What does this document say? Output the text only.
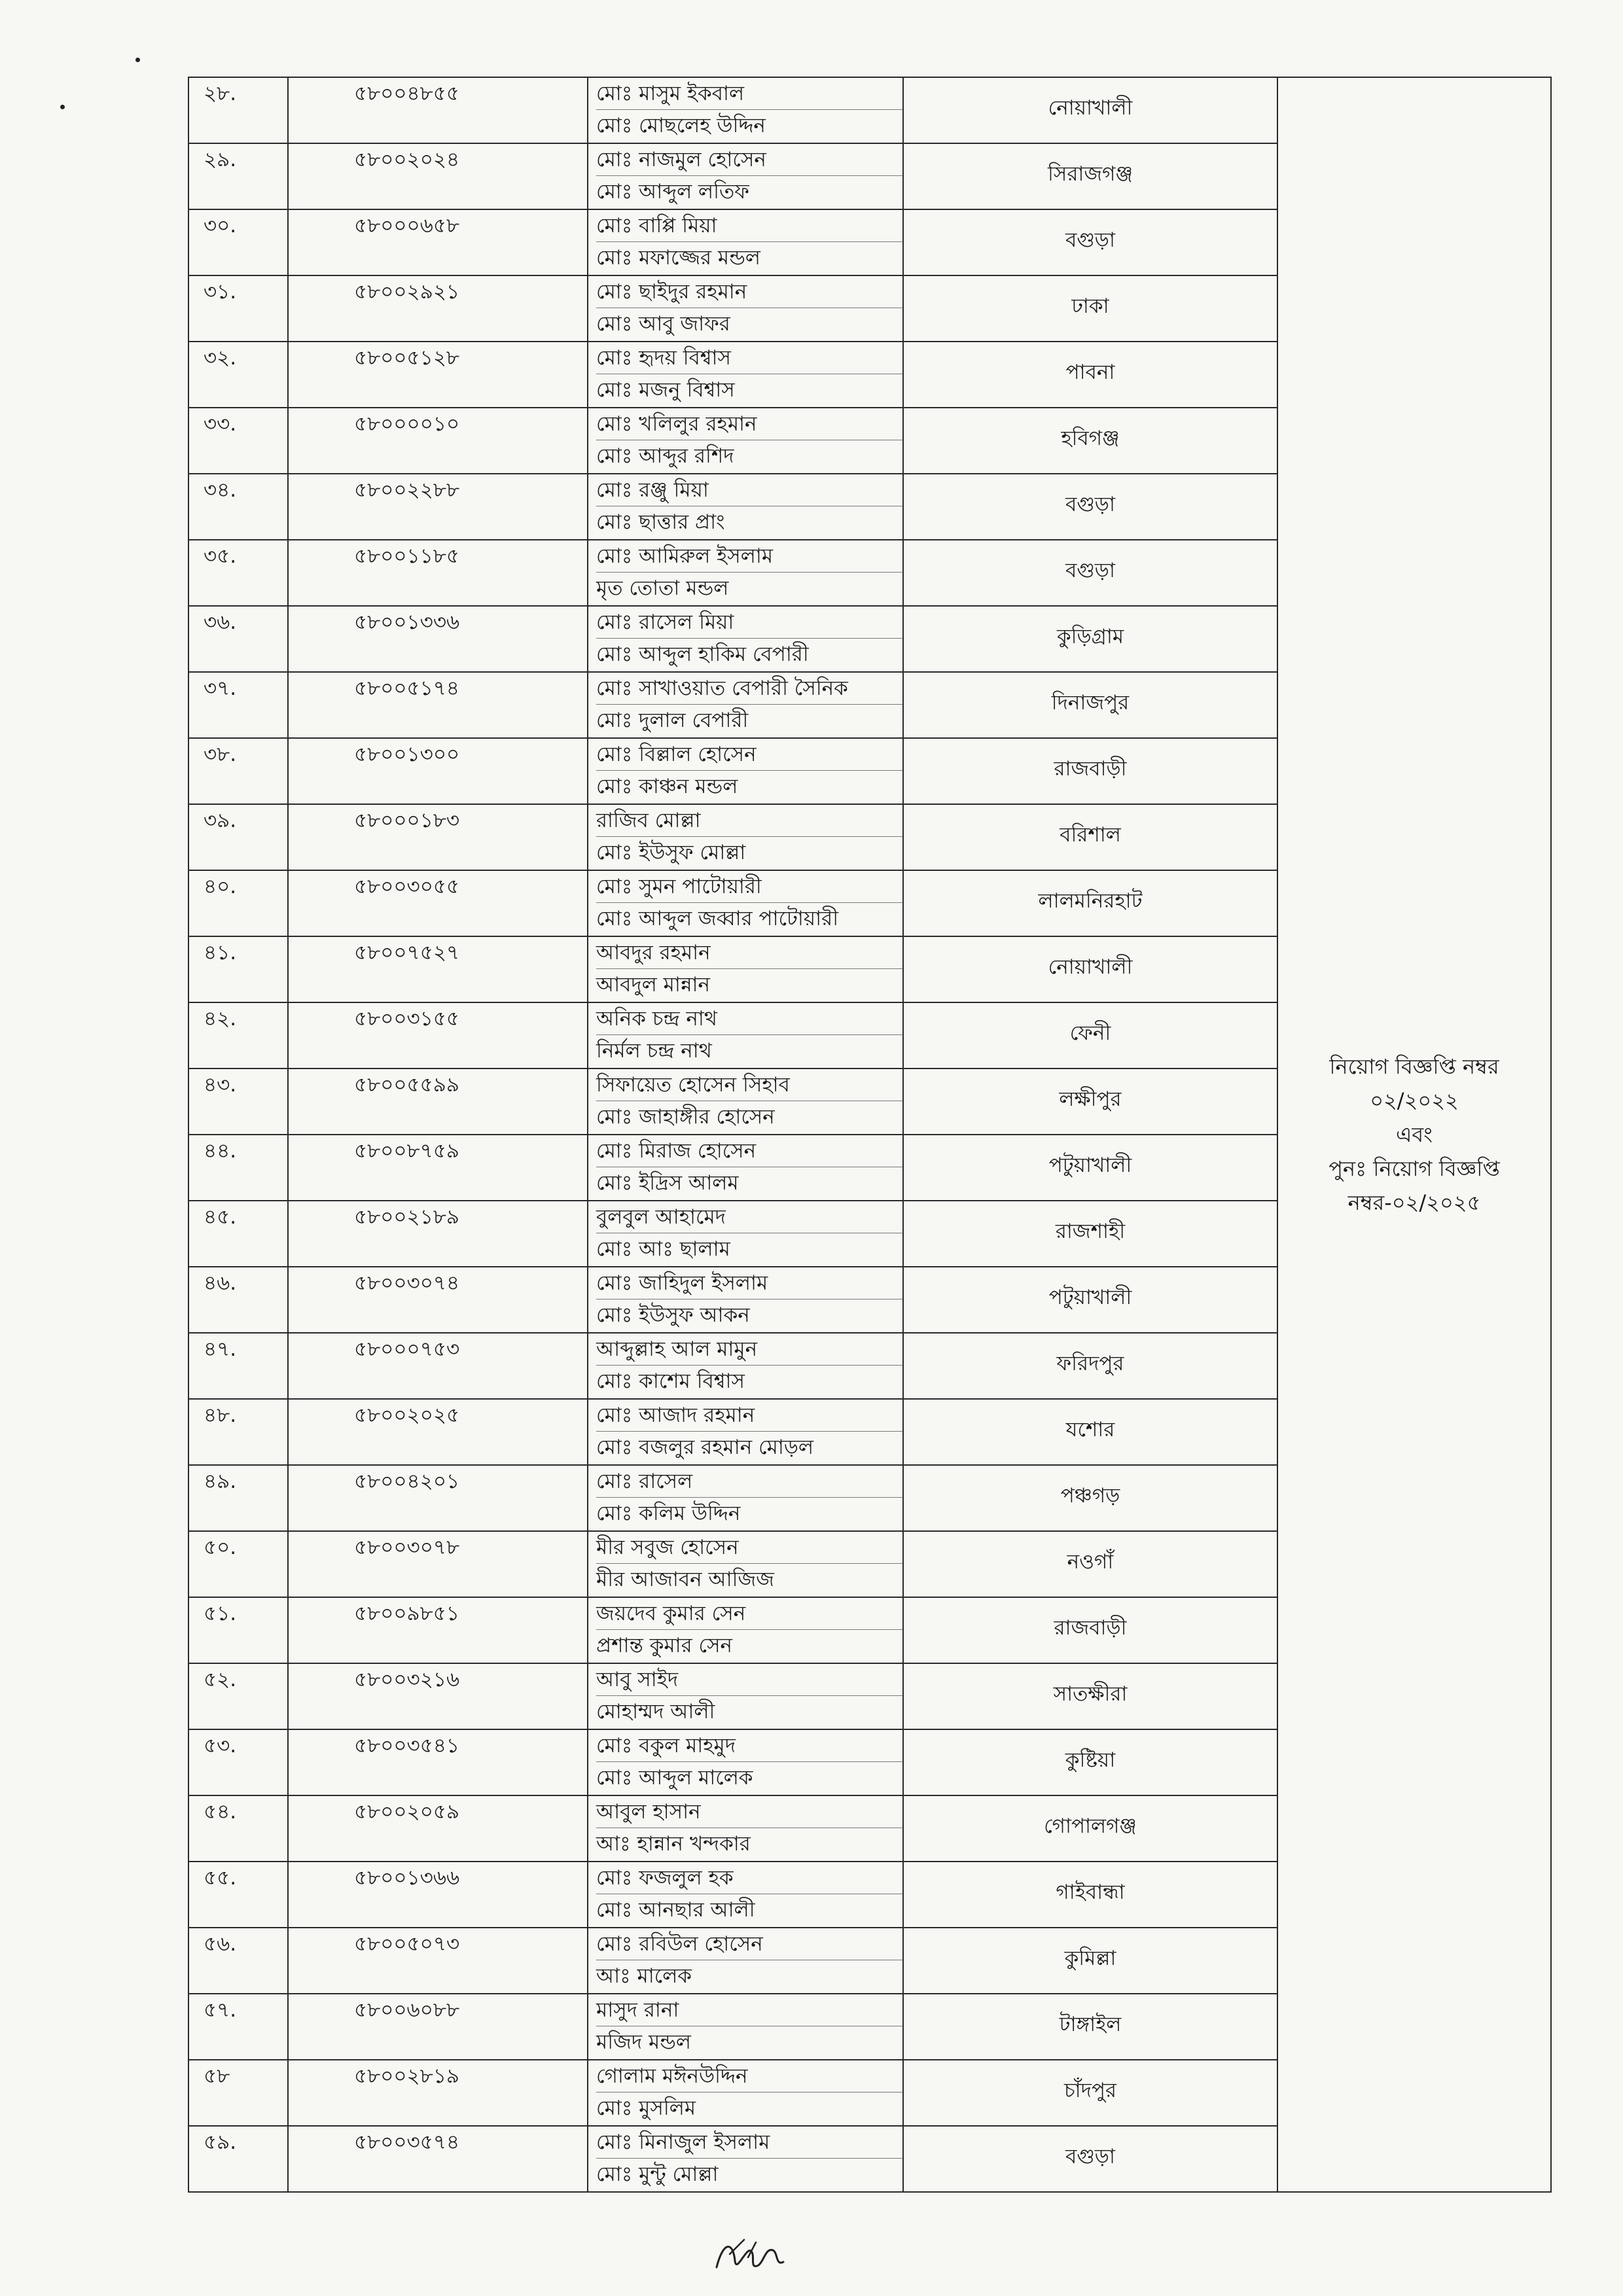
২৮.	৫৮০০৪৮৫৫	মোঃ মাসুম ইকবাল
মোঃ মোছলেহ উদ্দিন	নোয়াখালী	নিয়োগ বিজ্ঞপ্তি নম্বর
০২/২০২২
এবং
পুনঃ নিয়োগ বিজ্ঞপ্তি
নম্বর-০২/২০২৫

২৯.	৫৮০০২০২৪	মোঃ নাজমুল হোসেন
মোঃ আব্দুল লতিফ	সিরাজগঞ্জ	

৩০.	৫৮০০০৬৫৮	মোঃ বাপ্পি মিয়া
মোঃ মফাজ্জের মন্ডল	বগুড়া	

৩১.	৫৮০০২৯২১	মোঃ ছাইদুর রহমান
মোঃ আবু জাফর	ঢাকা	

৩২.	৫৮০০৫১২৮	মোঃ হৃদয় বিশ্বাস
মোঃ মজনু বিশ্বাস	পাবনা	

৩৩.	৫৮০০০০১০	মোঃ খলিলুর রহমান
মোঃ আব্দুর রশিদ	হবিগঞ্জ	

৩৪.	৫৮০০২২৮৮	মোঃ রঞ্জু মিয়া
মোঃ ছাত্তার প্রাং	বগুড়া	

৩৫.	৫৮০০১১৮৫	মোঃ আমিরুল ইসলাম
মৃত তোতা মন্ডল	বগুড়া	

৩৬.	৫৮০০১৩৩৬	মোঃ রাসেল মিয়া
মোঃ আব্দুল হাকিম বেপারী	কুড়িগ্রাম	

৩৭.	৫৮০০৫১৭৪	মোঃ সাখাওয়াত বেপারী সৈনিক
মোঃ দুলাল বেপারী	দিনাজপুর	

৩৮.	৫৮০০১৩০০	মোঃ বিল্লাল হোসেন
মোঃ কাঞ্চন মন্ডল	রাজবাড়ী	

৩৯.	৫৮০০০১৮৩	রাজিব মোল্লা
মোঃ ইউসুফ মোল্লা	বরিশাল	

৪০.	৫৮০০৩০৫৫	মোঃ সুমন পাটোয়ারী
মোঃ আব্দুল জব্বার পাটোয়ারী	লালমনিরহাট	

৪১.	৫৮০০৭৫২৭	আবদুর রহমান
আবদুল মান্নান	নোয়াখালী	

৪২.	৫৮০০৩১৫৫	অনিক চন্দ্র নাথ
নির্মল চন্দ্র নাথ	ফেনী	

৪৩.	৫৮০০৫৫৯৯	সিফায়েত হোসেন সিহাব
মোঃ জাহাঙ্গীর হোসেন	লক্ষীপুর	

৪৪.	৫৮০০৮৭৫৯	মোঃ মিরাজ হোসেন
মোঃ ইদ্রিস আলম	পটুয়াখালী	

৪৫.	৫৮০০২১৮৯	বুলবুল আহামেদ
মোঃ আঃ ছালাম	রাজশাহী	

৪৬.	৫৮০০৩০৭৪	মোঃ জাহিদুল ইসলাম
মোঃ ইউসুফ আকন	পটুয়াখালী	

৪৭.	৫৮০০০৭৫৩	আব্দুল্লাহ আল মামুন
মোঃ কাশেম বিশ্বাস	ফরিদপুর	

৪৮.	৫৮০০২০২৫	মোঃ আজাদ রহমান
মোঃ বজলুর রহমান মোড়ল	যশোর	

৪৯.	৫৮০০৪২০১	মোঃ রাসেল
মোঃ কলিম উদ্দিন	পঞ্চগড়	

৫০.	৫৮০০৩০৭৮	মীর সবুজ হোসেন
মীর আজাবন আজিজ	নওগাঁ	

৫১.	৫৮০০৯৮৫১	জয়দেব কুমার সেন
প্রশান্ত কুমার সেন	রাজবাড়ী	

৫২.	৫৮০০৩২১৬	আবু সাইদ
মোহাম্মদ আলী	সাতক্ষীরা	

৫৩.	৫৮০০৩৫৪১	মোঃ বকুল মাহমুদ
মোঃ আব্দুল মালেক	কুষ্টিয়া	

৫৪.	৫৮০০২০৫৯	আবুল হাসান
আঃ হান্নান খন্দকার	গোপালগঞ্জ	

৫৫.	৫৮০০১৩৬৬	মোঃ ফজলুল হক
মোঃ আনছার আলী	গাইবান্ধা	

৫৬.	৫৮০০৫০৭৩	মোঃ রবিউল হোসেন
আঃ মালেক	কুমিল্লা	

৫৭.	৫৮০০৬০৮৮	মাসুদ রানা
মজিদ মন্ডল	টাঙ্গাইল	

৫৮	৫৮০০২৮১৯	গোলাম মঈনউদ্দিন
মোঃ মুসলিম	চাঁদপুর	

৫৯.	৫৮০০৩৫৭৪	মোঃ মিনাজুল ইসলাম
মোঃ মুন্টু মোল্লা	বগুড়া	
